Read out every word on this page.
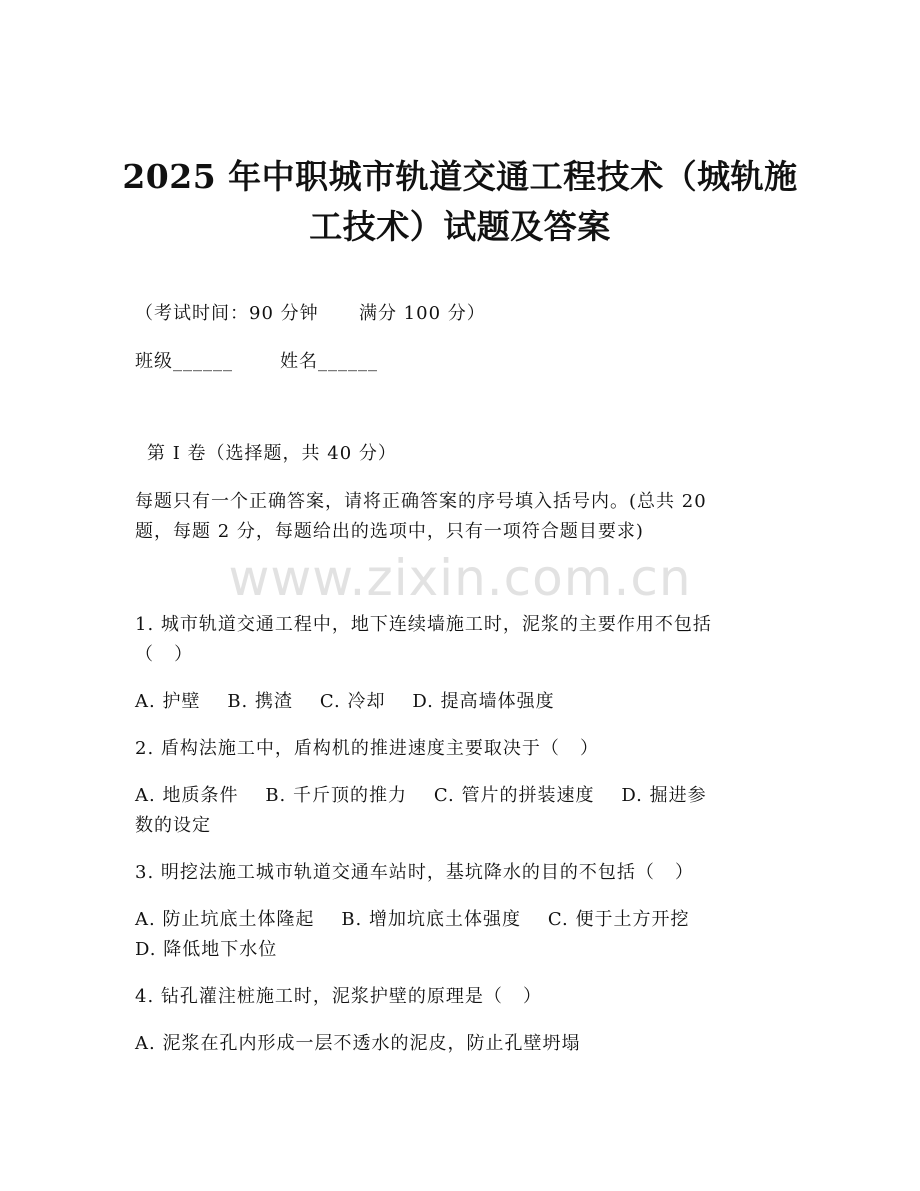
2025 年中职城市轨道交通工程技术（城轨施
工技术）试题及答案
（考试时间：90 分钟      满分 100 分）
班级______       姓名______
第 I 卷（选择题，共 40 分）
每题只有一个正确答案，请将正确答案的序号填入括号内。(总共 20
题，每题 2 分，每题给出的选项中，只有一项符合题目要求)
www.zixin.com.cn
1. 城市轨道交通工程中，地下连续墙施工时，泥浆的主要作用不包括
（   ）
A. 护壁    B. 携渣    C. 冷却    D. 提高墙体强度
2. 盾构法施工中，盾构机的推进速度主要取决于（   ）
A. 地质条件    B. 千斤顶的推力    C. 管片的拼装速度    D. 掘进参
数的设定
3. 明挖法施工城市轨道交通车站时，基坑降水的目的不包括（   ）
A. 防止坑底土体隆起    B. 增加坑底土体强度    C. 便于土方开挖
D. 降低地下水位
4. 钻孔灌注桩施工时，泥浆护壁的原理是（   ）
A. 泥浆在孔内形成一层不透水的泥皮，防止孔壁坍塌
